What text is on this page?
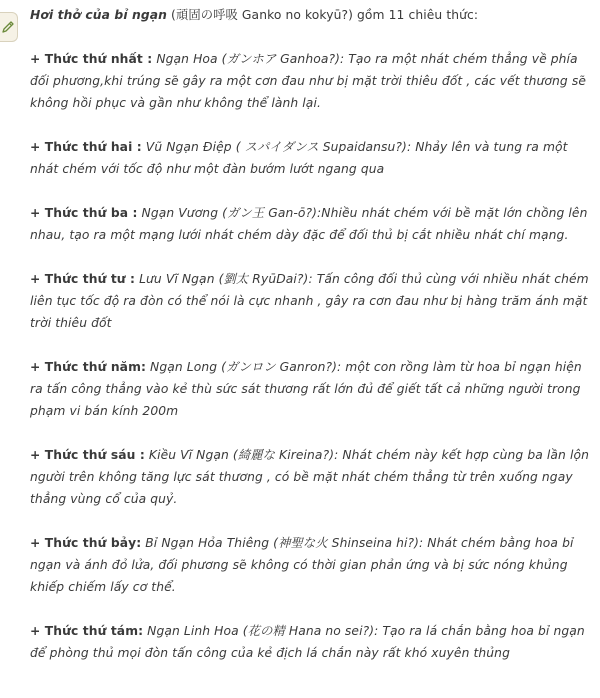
Hơi thở của bỉ ngạn (頑固の呼吸 Ganko no kokyū?) gồm 11 chiêu thức:

+ Thức thứ nhất : Ngạn Hoa (ガンホア Ganhoa?): Tạo ra một nhát chém thẳng về phía đối phương,khi trúng sẽ gây ra một cơn đau như bị mặt trời thiêu đốt , các vết thương sẽ không hồi phục và gần như không thể lành lại.

+ Thức thứ hai : Vũ Ngạn Điệp ( スパイダンス Supaidansu?): Nhảy lên và tung ra một nhát chém với tốc độ như một đàn bướm lướt ngang qua

+ Thức thứ ba : Ngạn Vương (ガン王 Gan-ō?):Nhiều nhát chém với bề mặt lớn chồng lên nhau, tạo ra một mạng lưới nhát chém dày đặc để đối thủ bị cắt nhiều nhát chí mạng.

+ Thức thứ tư : Lưu Vĩ Ngạn (劉太 RyūDai?): Tấn công đối thủ cùng với nhiều nhát chém liên tục tốc độ ra đòn có thể nói là cực nhanh , gây ra cơn đau như bị hàng trăm ánh mặt trời thiêu đốt

+ Thức thứ năm: Ngạn Long (ガンロン Ganron?): một con rồng làm từ hoa bỉ ngạn hiện ra tấn công thẳng vào kẻ thù sức sát thương rất lớn đủ để giết tất cả những người trong phạm vi bán kính 200m

+ Thức thứ sáu : Kiều Vĩ Ngạn (綺麗な Kireina?): Nhát chém này kết hợp cùng ba lần lộn người trên không tăng lực sát thương , có bề mặt nhát chém thẳng từ trên xuống ngay thẳng vùng cổ của quỷ.

+ Thức thứ bảy: Bỉ Ngạn Hỏa Thiêng (神聖な火 Shinseina hi?): Nhát chém bằng hoa bỉ ngạn và ánh đỏ lửa, đối phương sẽ không có thời gian phản ứng và bị sức nóng khủng khiếp chiếm lấy cơ thể.

+ Thức thứ tám: Ngạn Linh Hoa (花の精 Hana no sei?): Tạo ra lá chắn bằng hoa bỉ ngạn để phòng thủ mọi đòn tấn công của kẻ địch lá chắn này rất khó xuyên thủng
